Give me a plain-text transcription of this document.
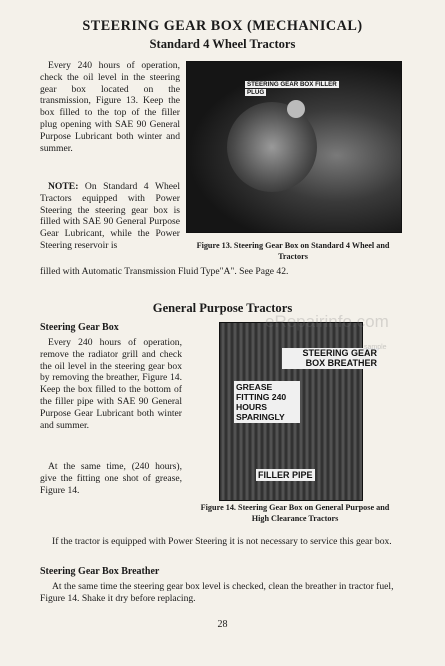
STEERING GEAR BOX (MECHANICAL)
Standard 4 Wheel Tractors
Every 240 hours of operation, check the oil level in the steering gear box located on the transmission, Figure 13. Keep the box filled to the top of the filler plug opening with SAE 90 General Purpose Lubricant both winter and summer.
NOTE: On Standard 4 Wheel Tractors equipped with Power Steering the steering gear box is filled with SAE 90 General Purpose Gear Lubricant, while the Power Steering reservoir is
filled with Automatic Transmission Fluid Type"A". See Page 42.
STEERING GEAR BOX FILLER
PLUG
Figure 13. Steering Gear Box on Standard 4 Wheel and Tractors
General Purpose Tractors
Steering Gear Box
Every 240 hours of operation, remove the radiator grill and check the oil level in the steering gear box by removing the breather, Figure 14. Keep the box filled to the bottom of the filler pipe with SAE 90 General Purpose Gear Lubricant both winter and summer.
At the same time, (240 hours), give the fitting one shot of grease, Figure 14.
STEERING GEAR BOX BREATHER
GREASE FITTING 240 HOURS SPARINGLY
FILLER PIPE
Figure 14. Steering Gear Box on General Purpose and High Clearance Tractors
eRepairinfo.com
sample
If the tractor is equipped with Power Steering it is not necessary to service this gear box.
Steering Gear Box Breather
At the same time the steering gear box level is checked, clean the breather in tractor fuel, Figure 14. Shake it dry before replacing.
28
